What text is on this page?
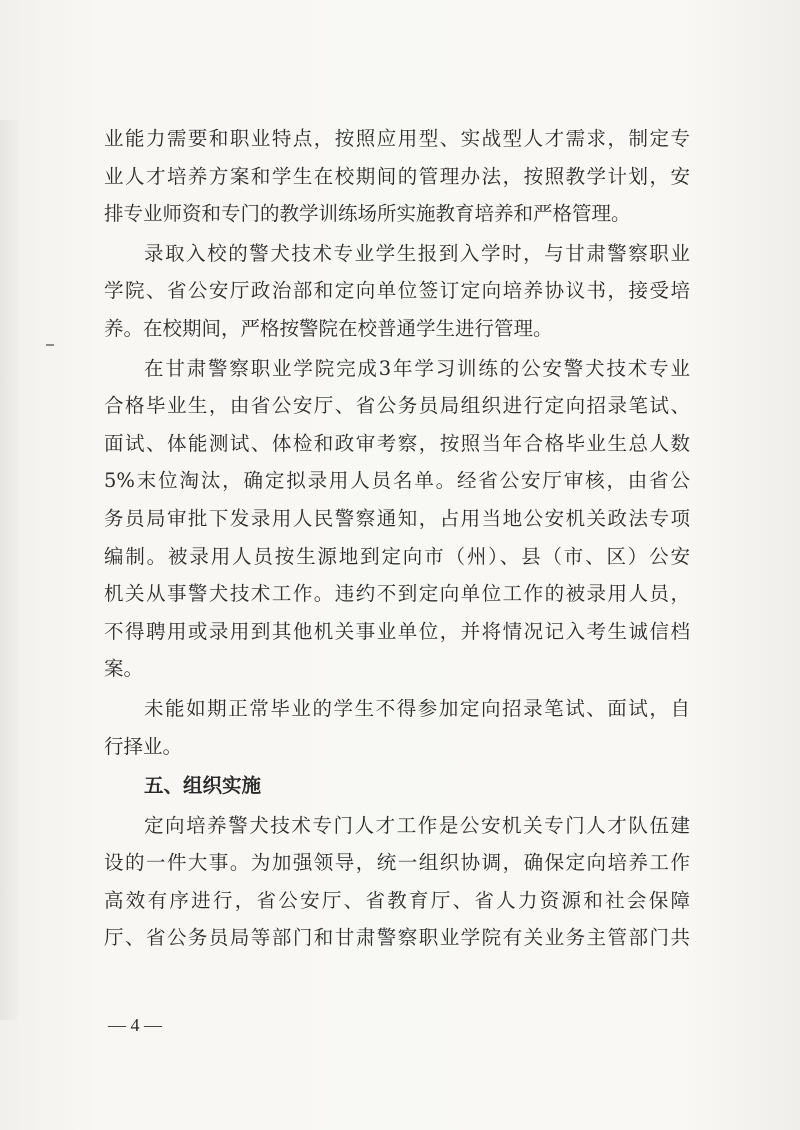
业能力需要和职业特点，按照应用型、实战型人才需求，制定专
业人才培养方案和学生在校期间的管理办法，按照教学计划，安
排专业师资和专门的教学训练场所实施教育培养和严格管理。
录取入校的警犬技术专业学生报到入学时，与甘肃警察职业
学院、省公安厅政治部和定向单位签订定向培养协议书，接受培
养。在校期间，严格按警院在校普通学生进行管理。
在甘肃警察职业学院完成3年学习训练的公安警犬技术专业
合格毕业生，由省公安厅、省公务员局组织进行定向招录笔试、
面试、体能测试、体检和政审考察，按照当年合格毕业生总人数
5%末位淘汰，确定拟录用人员名单。经省公安厅审核，由省公
务员局审批下发录用人民警察通知，占用当地公安机关政法专项
编制。被录用人员按生源地到定向市（州）、县（市、区）公安
机关从事警犬技术工作。违约不到定向单位工作的被录用人员，
不得聘用或录用到其他机关事业单位，并将情况记入考生诚信档
案。
未能如期正常毕业的学生不得参加定向招录笔试、面试，自
行择业。
五、组织实施
定向培养警犬技术专门人才工作是公安机关专门人才队伍建
设的一件大事。为加强领导，统一组织协调，确保定向培养工作
高效有序进行，省公安厅、省教育厅、省人力资源和社会保障
厅、省公务员局等部门和甘肃警察职业学院有关业务主管部门共
— 4 —
